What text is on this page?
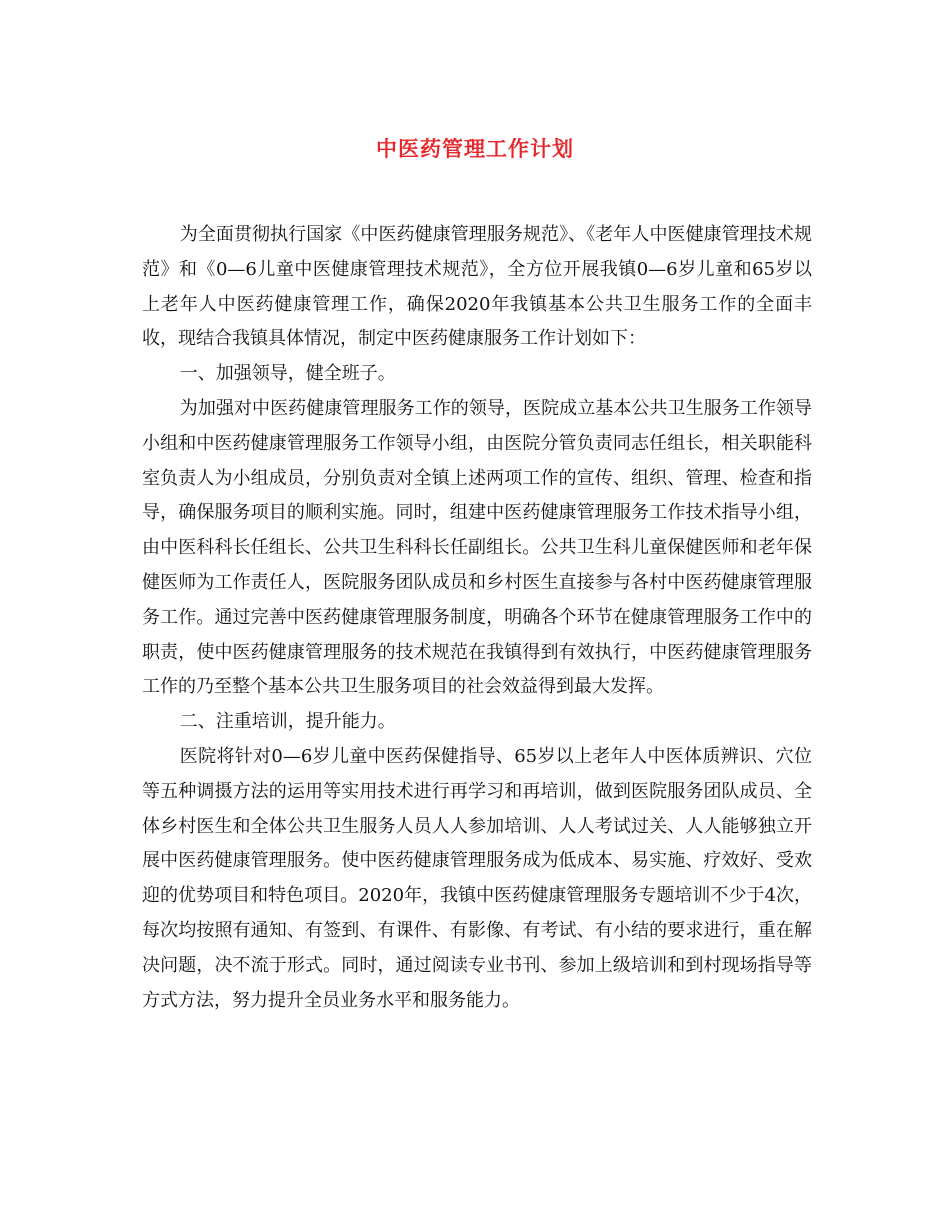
中医药管理工作计划

为全面贯彻执行国家《中医药健康管理服务规范》、《老年人中医健康管理技术规范》和《0—6儿童中医健康管理技术规范》，全方位开展我镇0—6岁儿童和65岁以上老年人中医药健康管理工作，确保2020年我镇基本公共卫生服务工作的全面丰收，现结合我镇具体情况，制定中医药健康服务工作计划如下：

一、加强领导，健全班子。

为加强对中医药健康管理服务工作的领导，医院成立基本公共卫生服务工作领导小组和中医药健康管理服务工作领导小组，由医院分管负责同志任组长，相关职能科室负责人为小组成员，分别负责对全镇上述两项工作的宣传、组织、管理、检查和指导，确保服务项目的顺利实施。同时，组建中医药健康管理服务工作技术指导小组，由中医科科长任组长、公共卫生科科长任副组长。公共卫生科儿童保健医师和老年保健医师为工作责任人，医院服务团队成员和乡村医生直接参与各村中医药健康管理服务工作。通过完善中医药健康管理服务制度，明确各个环节在健康管理服务工作中的职责，使中医药健康管理服务的技术规范在我镇得到有效执行，中医药健康管理服务工作的乃至整个基本公共卫生服务项目的社会效益得到最大发挥。

二、注重培训，提升能力。

医院将针对0—6岁儿童中医药保健指导、65岁以上老年人中医体质辨识、穴位等五种调摄方法的运用等实用技术进行再学习和再培训，做到医院服务团队成员、全体乡村医生和全体公共卫生服务人员人人参加培训、人人考试过关、人人能够独立开展中医药健康管理服务。使中医药健康管理服务成为低成本、易实施、疗效好、受欢迎的优势项目和特色项目。2020年，我镇中医药健康管理服务专题培训不少于4次，每次均按照有通知、有签到、有课件、有影像、有考试、有小结的要求进行，重在解决问题，决不流于形式。同时，通过阅读专业书刊、参加上级培训和到村现场指导等方式方法，努力提升全员业务水平和服务能力。
